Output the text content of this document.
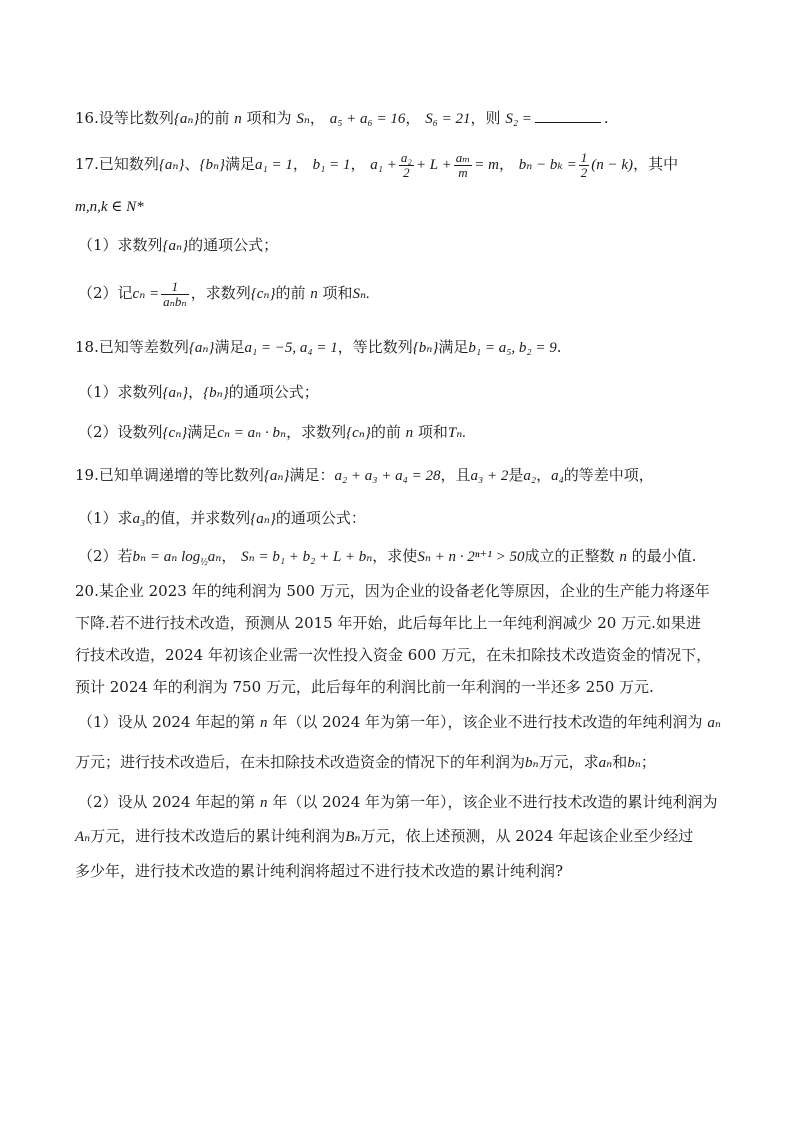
16.设等比数列{aₙ}的前 n 项和为 Sₙ， a₅ + a₆ = 16， S₆ = 21，则 S₂ =	.
17.已知数列{aₙ}、{bₙ}满足a₁ = 1， b₁ = 1， $a_1 + \frac{\text{a₂}}{2} + L + \frac{\text{aₘ}}{m} = m$， $b_n - b_k = \frac{1}{2} (n - k)$，其中
m,n,k ∈ N*
（1）求数列{aₙ}的通项公式；
（2）记$c_n = \frac{1}{\text{aₙbₙ}}$ ，求数列{cₙ}的前 n 项和Sₙ.
18.已知等差数列{aₙ}满足a₁ = −5, a₄ = 1，等比数列{bₙ}满足b₁ = a₅, b₂ = 9.
（1）求数列{aₙ}，{bₙ}的通项公式；
（2）设数列{cₙ}满足cₙ = aₙ · bₙ，求数列{cₙ}的前 n 项和Tₙ.
19.已知单调递增的等比数列{aₙ}满足：a₂ + a₃ + a₄ = 28，且a₃ + 2是a₂，a₄的等差中项，
（1）求a₃的值，并求数列{aₙ}的通项公式：
（2）若bₙ = aₙ $\log_{\frac{1}{2}}a_n$， Sₙ = b₁ + b₂ + L + bₙ，求使Sₙ + n · 2ⁿ⁺¹ > 50成立的正整数 n 的最小值.
20.某企业 2023 年的纯利润为 500 万元，因为企业的设备老化等原因，企业的生产能力将逐年
下降.若不进行技术改造，预测从 2015 年开始，此后每年比上一年纯利润减少 20 万元.如果进
行技术改造，2024 年初该企业需一次性投入资金 600 万元，在未扣除技术改造资金的情况下，
预计 2024 年的利润为 750 万元，此后每年的利润比前一年利润的一半还多 250 万元.
（1）设从 2024 年起的第 n 年（以 2024 年为第一年），该企业不进行技术改造的年纯利润为 aₙ
万元；进行技术改造后，在未扣除技术改造资金的情况下的年利润为bₙ万元，求aₙ和bₙ；
（2）设从 2024 年起的第 n 年（以 2024 年为第一年），该企业不进行技术改造的累计纯利润为
Aₙ万元，进行技术改造后的累计纯利润为Bₙ万元，依上述预测，从 2024 年起该企业至少经过
多少年，进行技术改造的累计纯利润将超过不进行技术改造的累计纯利润?
